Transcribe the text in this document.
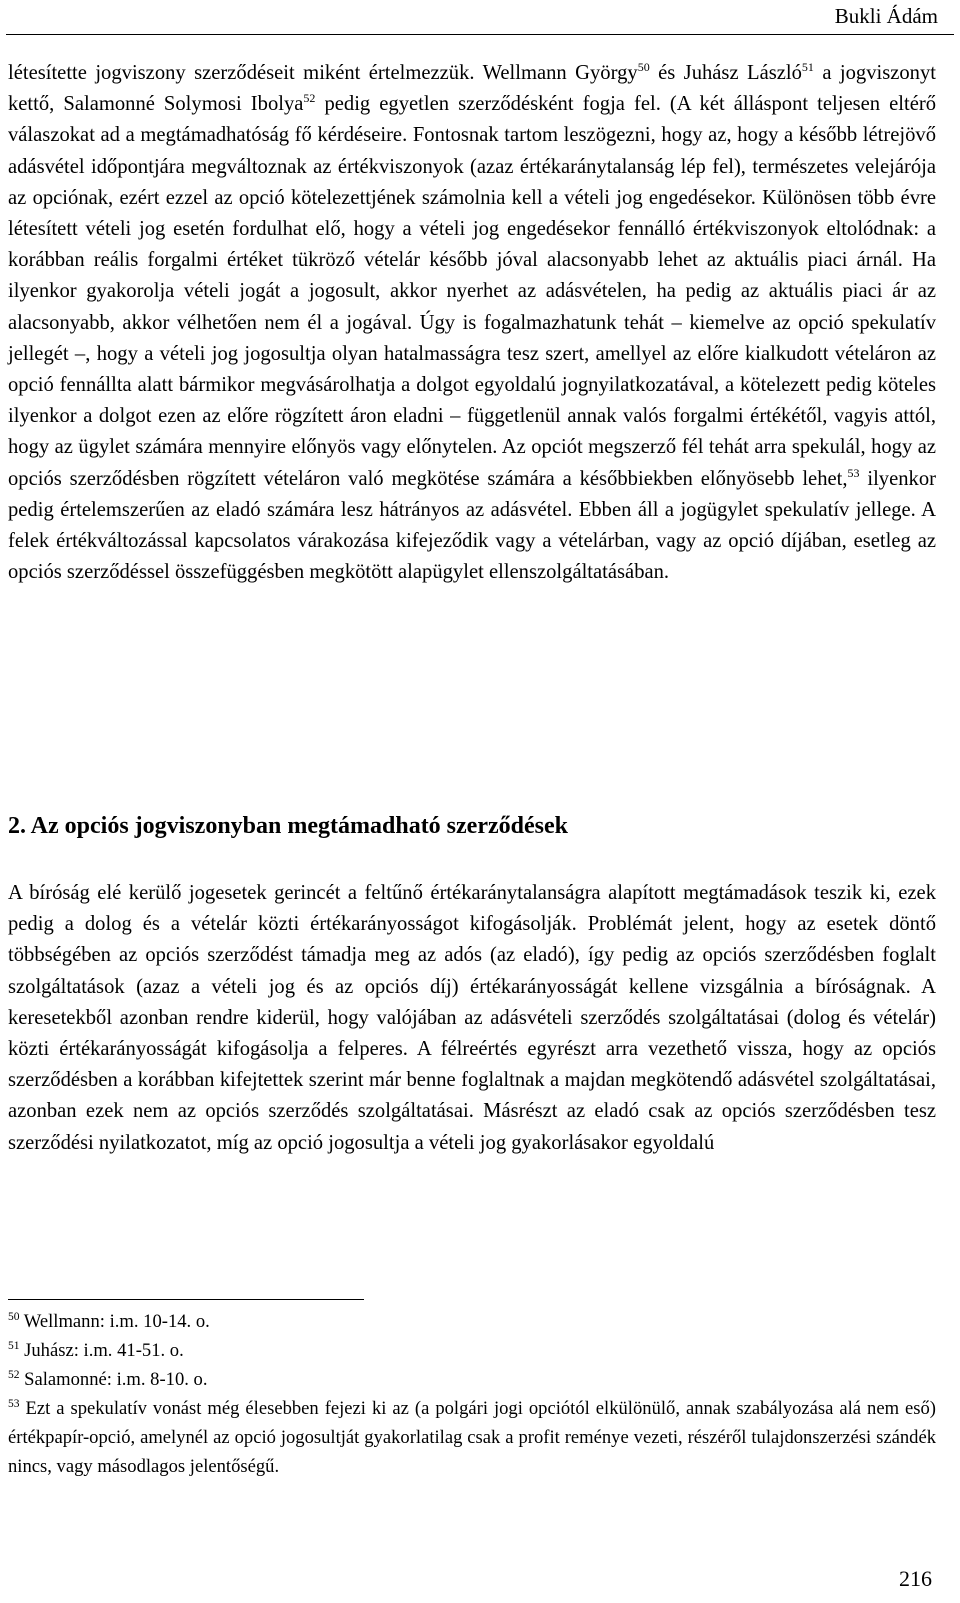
Bukli Ádám

létesítette jogviszony szerződéseit miként értelmezzük. Wellmann György$^{50}$ és Juhász László$^{51}$ a jogviszonyt kettő, Salamonné Solymosi Ibolya$^{52}$ pedig egyetlen szerződésként fogja fel. (A két álláspont teljesen eltérő válaszokat ad a megtámadhatóság fő kérdéseire. Fontosnak tartom leszögezni, hogy az, hogy a később létrejövő adásvétel időpontjára megváltoznak az értékviszonyok (azaz értékaránytalanság lép fel), természetes velejárója az opciónak, ezért ezzel az opció kötelezettjének számolnia kell a vételi jog engedésekor. Különösen több évre létesített vételi jog esetén fordulhat elő, hogy a vételi jog engedésekor fennálló értékviszonyok eltolódnak: a korábban reális forgalmi értéket tükröző vételár később jóval alacsonyabb lehet az aktuális piaci árnál. Ha ilyenkor gyakorolja vételi jogát a jogosult, akkor nyerhet az adásvételen, ha pedig az aktuális piaci ár az alacsonyabb, akkor vélhetően nem él a jogával. Úgy is fogalmazhatunk tehát – kiemelve az opció spekulatív jellegét –, hogy a vételi jog jogosultja olyan hatalmasságra tesz szert, amellyel az előre kialkudott vételáron az opció fennállta alatt bármikor megvásárolhatja a dolgot egyoldalú jognyilatkozatával, a kötelezett pedig köteles ilyenkor a dolgot ezen az előre rögzített áron eladni – függetlenül annak valós forgalmi értékétől, vagyis attól, hogy az ügylet számára mennyire előnyös vagy előnytelen. Az opciót megszerző fél tehát arra spekulál, hogy az opciós szerződésben rögzített vételáron való megkötése számára a későbbiekben előnyösebb lehet,$^{53}$ ilyenkor pedig értelemszerűen az eladó számára lesz hátrányos az adásvétel. Ebben áll a jogügylet spekulatív jellege. A felek értékváltozással kapcsolatos várakozása kifejeződik vagy a vételárban, vagy az opció díjában, esetleg az opciós szerződéssel összefüggésben megkötött alapügylet ellenszolgáltatásában.

2. Az opciós jogviszonyban megtámadható szerződések

A bíróság elé kerülő jogesetek gerincét a feltűnő értékaránytalanságra alapított megtámadások teszik ki, ezek pedig a dolog és a vételár közti értékarányosságot kifogásolják. Problémát jelent, hogy az esetek döntő többségében az opciós szerződést támadja meg az adós (az eladó), így pedig az opciós szerződésben foglalt szolgáltatások (azaz a vételi jog és az opciós díj) értékarányosságát kellene vizsgálnia a bíróságnak. A keresetekből azonban rendre kiderül, hogy valójában az adásvételi szerződés szolgáltatásai (dolog és vételár) közti értékarányosságát kifogásolja a felperes. A félreértés egyrészt arra vezethető vissza, hogy az opciós szerződésben a korábban kifejtettek szerint már benne foglaltnak a majdan megkötendő adásvétel szolgáltatásai, azonban ezek nem az opciós szerződés szolgáltatásai. Másrészt az eladó csak az opciós szerződésben tesz szerződési nyilatkozatot, míg az opció jogosultja a vételi jog gyakorlásakor egyoldalú

$^{50}$ Wellmann: i.m. 10-14. o.

$^{51}$ Juhász: i.m. 41-51. o.

$^{52}$ Salamonné: i.m. 8-10. o.

$^{53}$ Ezt a spekulatív vonást még élesebben fejezi ki az (a polgári jogi opciótól elkülönülő, annak szabályozása alá nem eső) értékpapír-opció, amelynél az opció jogosultját gyakorlatilag csak a profit reménye vezeti, részéről tulajdonszerzési szándék nincs, vagy másodlagos jelentőségű.

216
